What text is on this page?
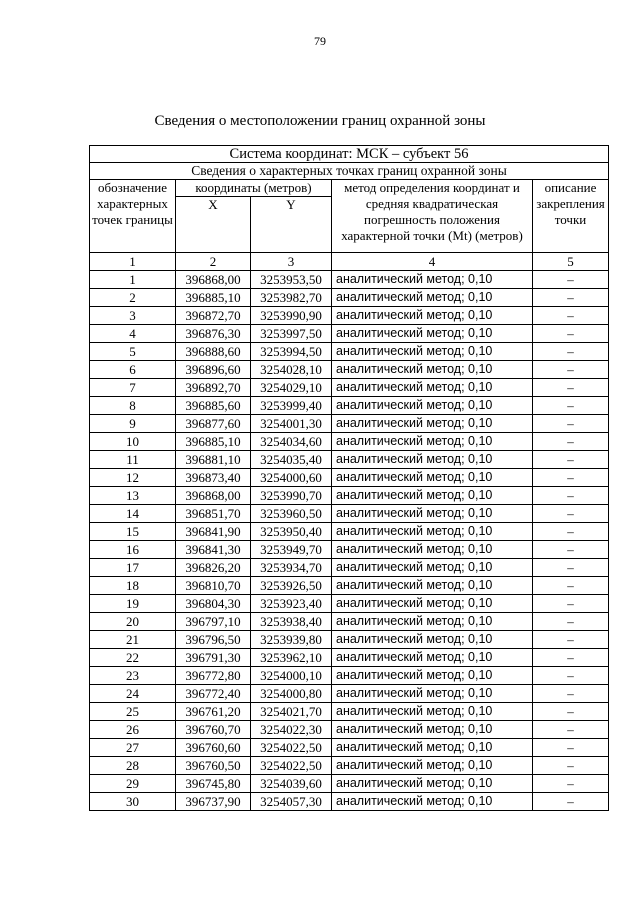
79
Сведения о местоположении границ охранной зоны
Система координат: МСК – субъект 56				
Сведения о характерных точках границ охранной зоны				
обозначение характерных точек границы	координаты (метров)		метод определения координат и средняя квадратическая погрешность положения характерной точки (Mt) (метров)	описание закрепления точки
	X	Y		
1	2	3	4	5
1	396868,00	3253953,50	аналитический метод; 0,10	–
2	396885,10	3253982,70	аналитический метод; 0,10	–
3	396872,70	3253990,90	аналитический метод; 0,10	–
4	396876,30	3253997,50	аналитический метод; 0,10	–
5	396888,60	3253994,50	аналитический метод; 0,10	–
6	396896,60	3254028,10	аналитический метод; 0,10	–
7	396892,70	3254029,10	аналитический метод; 0,10	–
8	396885,60	3253999,40	аналитический метод; 0,10	–
9	396877,60	3254001,30	аналитический метод; 0,10	–
10	396885,10	3254034,60	аналитический метод; 0,10	–
11	396881,10	3254035,40	аналитический метод; 0,10	–
12	396873,40	3254000,60	аналитический метод; 0,10	–
13	396868,00	3253990,70	аналитический метод; 0,10	–
14	396851,70	3253960,50	аналитический метод; 0,10	–
15	396841,90	3253950,40	аналитический метод; 0,10	–
16	396841,30	3253949,70	аналитический метод; 0,10	–
17	396826,20	3253934,70	аналитический метод; 0,10	–
18	396810,70	3253926,50	аналитический метод; 0,10	–
19	396804,30	3253923,40	аналитический метод; 0,10	–
20	396797,10	3253938,40	аналитический метод; 0,10	–
21	396796,50	3253939,80	аналитический метод; 0,10	–
22	396791,30	3253962,10	аналитический метод; 0,10	–
23	396772,80	3254000,10	аналитический метод; 0,10	–
24	396772,40	3254000,80	аналитический метод; 0,10	–
25	396761,20	3254021,70	аналитический метод; 0,10	–
26	396760,70	3254022,30	аналитический метод; 0,10	–
27	396760,60	3254022,50	аналитический метод; 0,10	–
28	396760,50	3254022,50	аналитический метод; 0,10	–
29	396745,80	3254039,60	аналитический метод; 0,10	–
30	396737,90	3254057,30	аналитический метод; 0,10	–
